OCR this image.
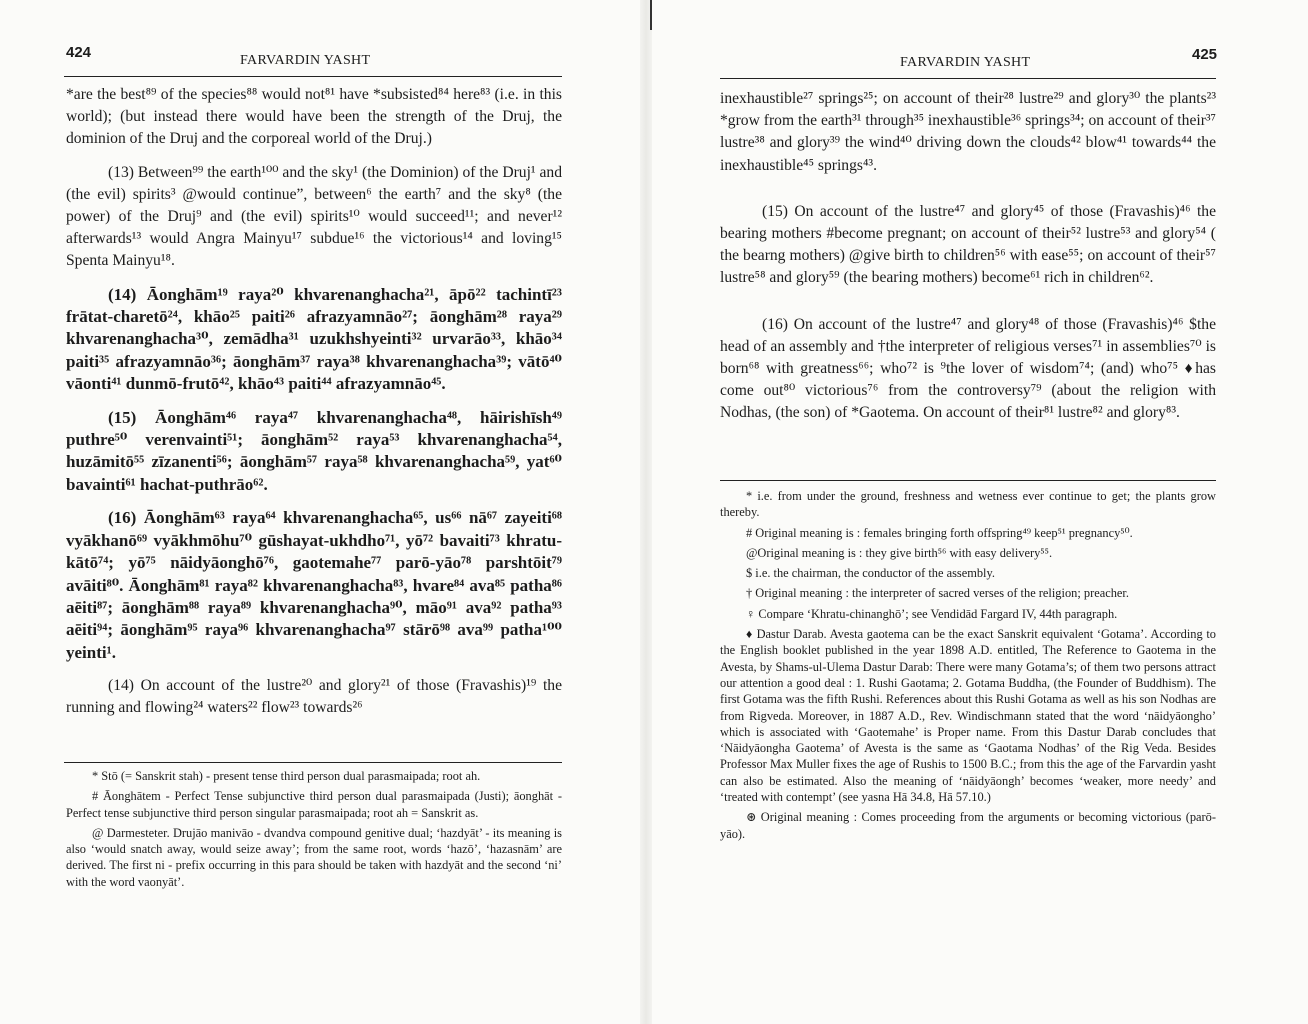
424	FARVARDIN YASHT

*are the best⁸⁹ of the species⁸⁸ would not⁸¹ have *subsisted⁸⁴ here⁸³ (i.e. in this world); (but instead there would have been the strength of the Druj, the dominion of the Druj and the corporeal world of the Druj.)

(13) Between⁹⁹ the earth¹⁰⁰ and the sky¹ (the Dominion) of the Druj¹ and (the evil) spirits³ @would continue”, between⁶ the earth⁷ and the sky⁸ (the power) of the Druj⁹ and (the evil) spirits¹⁰ would succeed¹¹; and never¹² afterwards¹³ would Angra Mainyu¹⁷ subdue¹⁶ the victorious¹⁴ and loving¹⁵ Spenta Mainyu¹⁸.

(14) Āonghām¹⁹ raya²⁰ khvarenanghacha²¹, āpō²² tachintī²³ frātat-charetō²⁴, khāo²⁵ paiti²⁶ afrazyamnāo²⁷; āonghām²⁸ raya²⁹ khvarenanghacha³⁰, zemādha³¹ uzukhshyeinti³² urvarāo³³, khāo³⁴ paiti³⁵ afrazyamnāo³⁶; āonghām³⁷ raya³⁸ khvarenanghacha³⁹; vātō⁴⁰ vāonti⁴¹ dunmō-frutō⁴², khāo⁴³ paiti⁴⁴ afrazyamnāo⁴⁵.

(15) Āonghām⁴⁶ raya⁴⁷ khvarenanghacha⁴⁸, hāirishīsh⁴⁹ puthre⁵⁰ verenvainti⁵¹; āonghām⁵² raya⁵³ khvarenanghacha⁵⁴, huzāmitō⁵⁵ zīzanenti⁵⁶; āonghām⁵⁷ raya⁵⁸ khvarenanghacha⁵⁹, yat⁶⁰ bavainti⁶¹ hachat-puthrāo⁶².

(16) Āonghām⁶³ raya⁶⁴ khvarenanghacha⁶⁵, us⁶⁶ nā⁶⁷ zayeiti⁶⁸ vyākhanō⁶⁹ vyākhmōhu⁷⁰ gūshayat-ukhdho⁷¹, yō⁷² bavaiti⁷³ khratu-kātō⁷⁴; yō⁷⁵ nāidyāonghō⁷⁶, gaotemahe⁷⁷ parō-yāo⁷⁸ parshtōit⁷⁹ avāiti⁸⁰. Āonghām⁸¹ raya⁸² khvarenanghacha⁸³, hvare⁸⁴ ava⁸⁵ patha⁸⁶ aēiti⁸⁷; āonghām⁸⁸ raya⁸⁹ khvarenanghacha⁹⁰, māo⁹¹ ava⁹² patha⁹³ aēiti⁹⁴; āonghām⁹⁵ raya⁹⁶ khvarenanghacha⁹⁷ stārō⁹⁸ ava⁹⁹ patha¹⁰⁰ yeinti¹.

(14) On account of the lustre²⁰ and glory²¹ of those (Fravashis)¹⁹ the running and flowing²⁴ waters²² flow²³ towards²⁶

* Stō (= Sanskrit stah) - present tense third person dual parasmaipada; root ah.

# Āonghātem - Perfect Tense subjunctive third person dual parasmaipada (Justi); āonghāt - Perfect tense subjunctive third person singular parasmaipada; root ah = Sanskrit as.

@ Darmesteter. Drujāo manivāo - dvandva compound genitive dual; ‘hazdyāt’ - its meaning is also ‘would snatch away, would seize away’; from the same root, words ‘hazō’, ‘hazasnām’ are derived. The first ni - prefix occurring in this para should be taken with hazdyāt and the second ‘ni’ with the word vaonyāt’.

FARVARDIN YASHT	425

inexhaustible²⁷ springs²⁵; on account of their²⁸ lustre²⁹ and glory³⁰ the plants²³ *grow from the earth³¹ through³⁵ inexhaustible³⁶ springs³⁴; on account of their³⁷ lustre³⁸ and glory³⁹ the wind⁴⁰ driving down the clouds⁴² blow⁴¹ towards⁴⁴ the inexhaustible⁴⁵ springs⁴³.

(15) On account of the lustre⁴⁷ and glory⁴⁵ of those (Fravashis)⁴⁶ the bearing mothers #become pregnant; on account of their⁵² lustre⁵³ and glory⁵⁴ ( the bearng mothers) @give birth to children⁵⁶ with ease⁵⁵; on account of their⁵⁷ lustre⁵⁸ and glory⁵⁹ (the bearing mothers) become⁶¹ rich in children⁶².

(16) On account of the lustre⁴⁷ and glory⁴⁸ of those (Fravashis)⁴⁶ $the head of an assembly and †the interpreter of religious verses⁷¹ in assemblies⁷⁰ is born⁶⁸ with greatness⁶⁶; who⁷² is ⁹the lover of wisdom⁷⁴; (and) who⁷⁵ ♦has come out⁸⁰ victorious⁷⁶ from the controversy⁷⁹ (about the religion with Nodhas, (the son) of *Gaotema. On account of their⁸¹ lustre⁸² and glory⁸³.

* i.e. from under the ground, freshness and wetness ever continue to get; the plants grow thereby.

# Original meaning is : females bringing forth offspring⁴⁹ keep⁵¹ pregnancy⁵⁰.

@Original meaning is : they give birth⁵⁶ with easy delivery⁵⁵.

$ i.e. the chairman, the conductor of the assembly.

† Original meaning : the interpreter of sacred verses of the religion; preacher.

♀ Compare ‘Khratu-chinanghō’; see Vendidād Fargard IV, 44th paragraph.

♦ Dastur Darab. Avesta gaotema can be the exact Sanskrit equivalent ‘Gotama’. According to the English booklet published in the year 1898 A.D. entitled, The Reference to Gaotema in the Avesta, by Shams-ul-Ulema Dastur Darab: There were many Gotama’s; of them two persons attract our attention a good deal : 1. Rushi Gaotama; 2. Gotama Buddha, (the Founder of Buddhism). The first Gotama was the fifth Rushi. References about this Rushi Gotama as well as his son Nodhas are from Rigveda. Moreover, in 1887 A.D., Rev. Windischmann stated that the word ‘nāidyāongho’ which is associated with ‘Gaotemahe’ is Proper name. From this Dastur Darab concludes that ‘Nāidyāongha Gaotema’ of Avesta is the same as ‘Gaotama Nodhas’ of the Rig Veda. Besides Professor Max Muller fixes the age of Rushis to 1500 B.C.; from this the age of the Farvardin yasht can also be estimated. Also the meaning of ‘nāidyāongh’ becomes ‘weaker, more needy’ and ‘treated with contempt’ (see yasna Hā 34.8, Hā 57.10.)

⊛ Original meaning : Comes proceeding from the arguments or becoming victorious (parō-yāo).
